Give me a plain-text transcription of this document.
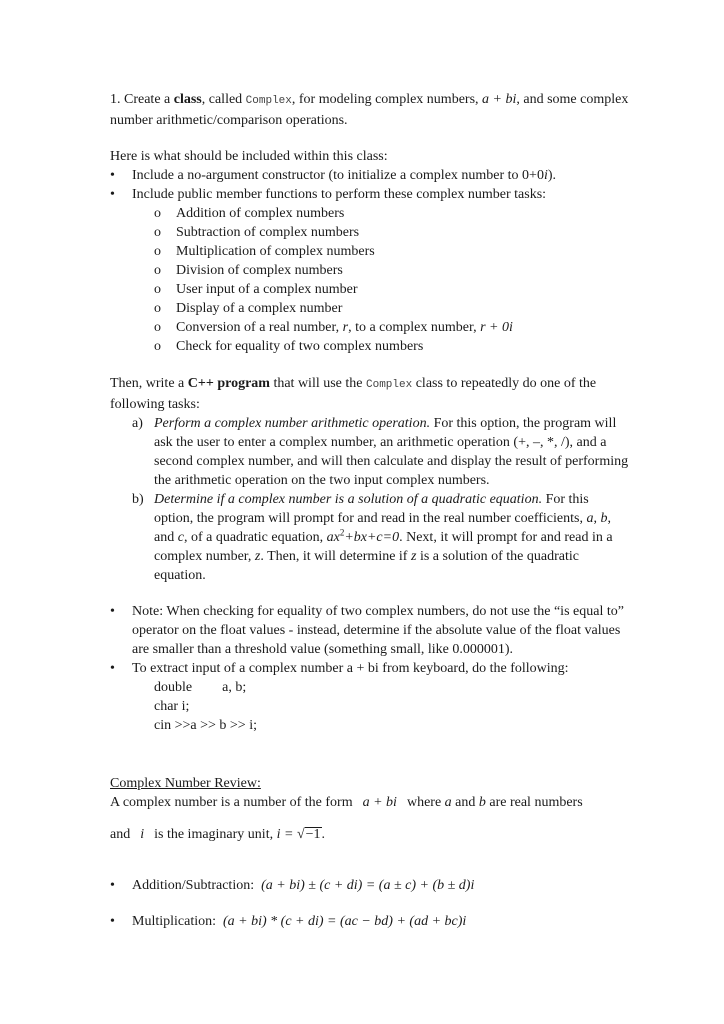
1. Create a class, called Complex, for modeling complex numbers, a + bi, and some complex number arithmetic/comparison operations.

Here is what should be included within this class:

• Include a no-argument constructor (to initialize a complex number to 0+0i).
• Include public member functions to perform these complex number tasks:
o Addition of complex numbers
o Subtraction of complex numbers
o Multiplication of complex numbers
o Division of complex numbers
o User input of a complex number
o Display of a complex number
o Conversion of a real number, r, to a complex number, r + 0i
o Check for equality of two complex numbers

Then, write a C++ program that will use the Complex class to repeatedly do one of the following tasks:

a) Perform a complex number arithmetic operation. For this option, the program will ask the user to enter a complex number, an arithmetic operation (+, –, *, /), and a second complex number, and will then calculate and display the result of performing the arithmetic operation on the two input complex numbers.
b) Determine if a complex number is a solution of a quadratic equation. For this option, the program will prompt for and read in the real number coefficients, a, b, and c, of a quadratic equation, $ax^2+bx+c=0$. Next, it will prompt for and read in a complex number, z. Then, it will determine if z is a solution of the quadratic equation.
• Note: When checking for equality of two complex numbers, do not use the “is equal to” operator on the float values - instead, determine if the absolute value of the float values are smaller than a threshold value (something small, like 0.000001).
• To extract input of a complex number a + bi from keyboard, do the following:

double a, b;

char i;

cin >>a >> b >> i;

Complex Number Review:

A complex number is a number of the form a + bi where a and b are real numbers

and i is the imaginary unit, i = √−1.

• Addition/Subtraction: (a + bi) ± (c + di) = (a ± c) + (b ± d)i
• Multiplication: (a + bi) * (c + di) = (ac − bd) + (ad + bc)i
